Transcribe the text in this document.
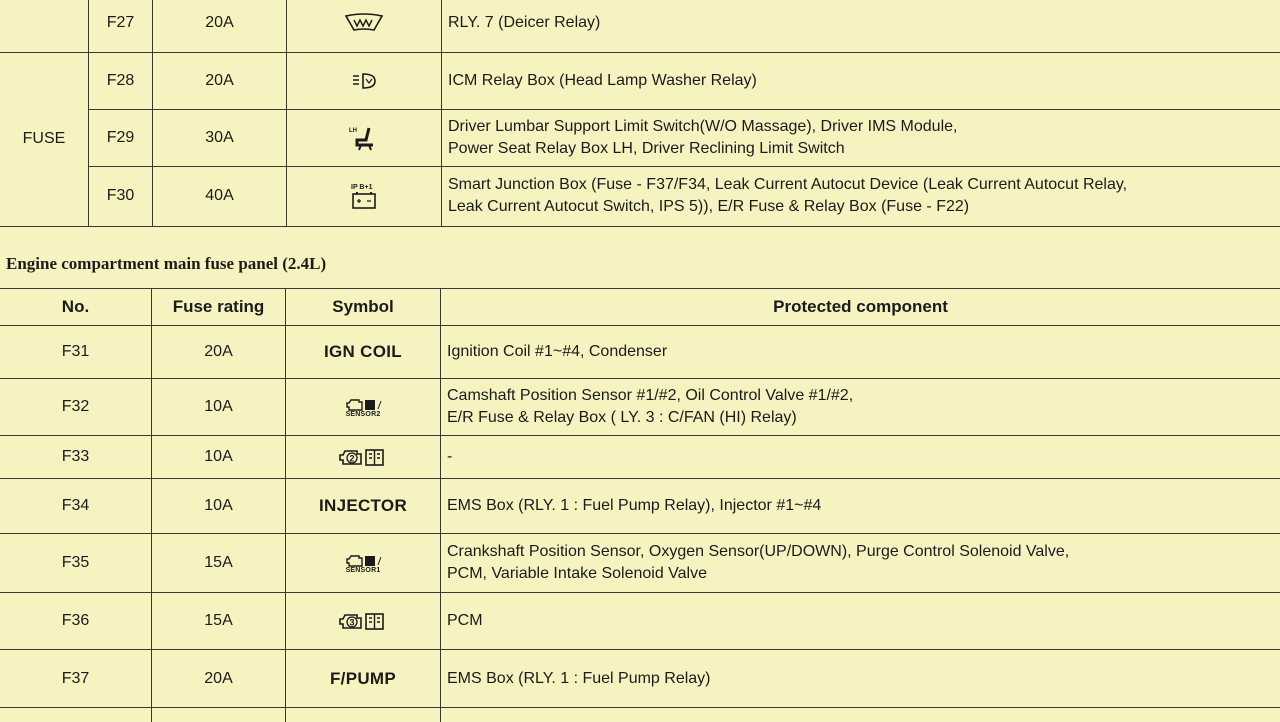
	F27	20A		RLY. 7 (Deicer Relay)
FUSE	F28	20A		ICM Relay Box (Head Lamp Washer Relay)
	F29	30A	LH	Driver Lumbar Support Limit Switch(W/O Massage), Driver IMS Module,
Power Seat Relay Box LH, Driver Reclining Limit Switch

	F30	40A	IP B+1	Smart Junction Box (Fuse - F37/F34, Leak Current Autocut Device (Leak Current Autocut Relay,
Leak Current Autocut Switch, IPS 5)), E/R Fuse & Relay Box (Fuse - F22)
Engine compartment main fuse panel (2.4L)
No.	Fuse rating	Symbol	Protected component
F31	20A	IGN COIL	Ignition Coil #1~#4, Condenser
F32	10A	SENSOR2	Camshaft Position Sensor #1/#2, Oil Control Valve #1/#2,
E/R Fuse & Relay Box ( LY. 3 : C/FAN (HI) Relay)

F33	10A	2	-
F34	10A	INJECTOR	EMS Box (RLY. 1 : Fuel Pump Relay), Injector #1~#4
F35	15A	SENSOR1	Crankshaft Position Sensor, Oxygen Sensor(UP/DOWN), Purge Control Solenoid Valve,
PCM, Variable Intake Solenoid Valve

F36	15A	3	PCM
F37	20A	F/PUMP	EMS Box (RLY. 1 : Fuel Pump Relay)
